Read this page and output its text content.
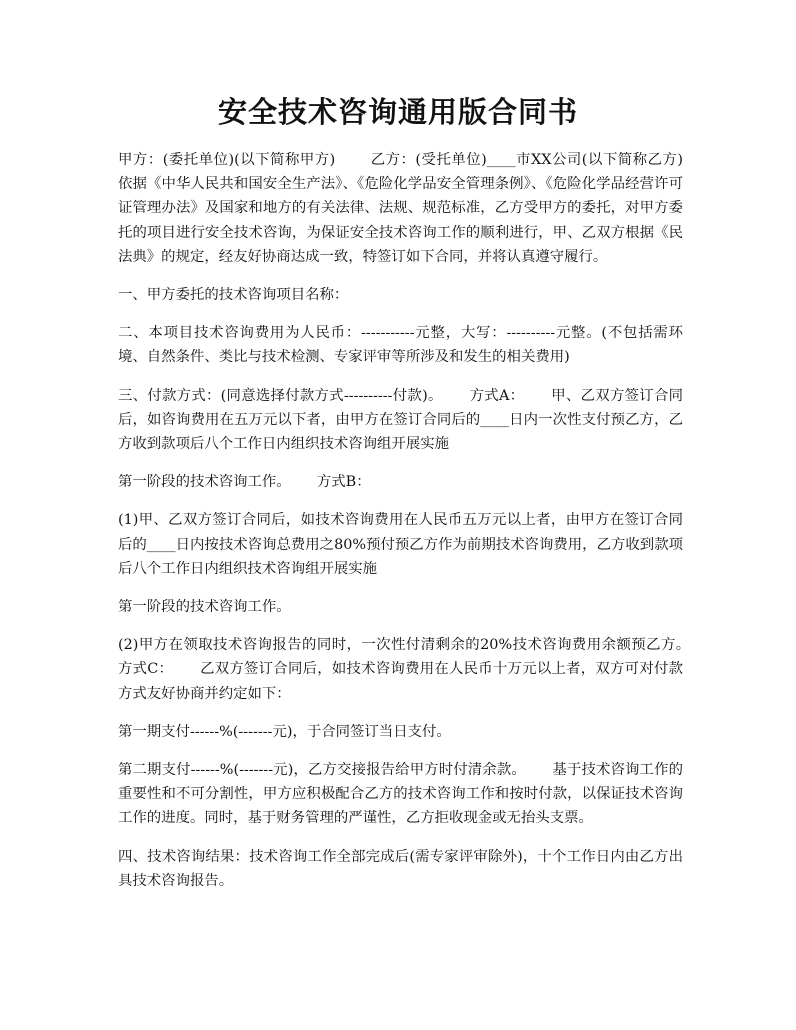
安全技术咨询通用版合同书

甲方：(委托单位)(以下简称甲方)　　 乙方：(受托单位)____市XX公司(以下简称乙方)　　 依据《中华人民共和国安全生产法》、《危险化学品安全管理条例》、《危险化学品经营许可证管理办法》及国家和地方的有关法律、法规、规范标准，乙方受甲方的委托，对甲方委托的项目进行安全技术咨询，为保证安全技术咨询工作的顺利进行，甲、乙双方根据《民法典》的规定，经友好协商达成一致，特签订如下合同，并将认真遵守履行。

一、甲方委托的技术咨询项目名称：

二、本项目技术咨询费用为人民币：-----------元整，大写：----------元整。(不包括需环境、自然条件、类比与技术检测、专家评审等所涉及和发生的相关费用)

三、付款方式：(同意选择付款方式----------付款)。　　 方式A：　　 甲、乙双方签订合同后，如咨询费用在五万元以下者，由甲方在签订合同后的____日内一次性支付预乙方，乙方收到款项后八个工作日内组织技术咨询组开展实施

第一阶段的技术咨询工作。　　 方式B：

(1)甲、乙双方签订合同后，如技术咨询费用在人民币五万元以上者，由甲方在签订合同后的____日内按技术咨询总费用之80%预付预乙方作为前期技术咨询费用，乙方收到款项后八个工作日内组织技术咨询组开展实施

第一阶段的技术咨询工作。

(2)甲方在领取技术咨询报告的同时，一次性付清剩余的20%技术咨询费用余额预乙方。　　 方式C：　　 乙双方签订合同后，如技术咨询费用在人民币十万元以上者，双方可对付款方式友好协商并约定如下：

第一期支付------%(-------元)，于合同签订当日支付。

第二期支付------%(-------元)，乙方交接报告给甲方时付清余款。　　 基于技术咨询工作的重要性和不可分割性，甲方应积极配合乙方的技术咨询工作和按时付款，以保证技术咨询工作的进度。同时，基于财务管理的严谨性，乙方拒收现金或无抬头支票。

四、技术咨询结果：技术咨询工作全部完成后(需专家评审除外)，十个工作日内由乙方出具技术咨询报告。
